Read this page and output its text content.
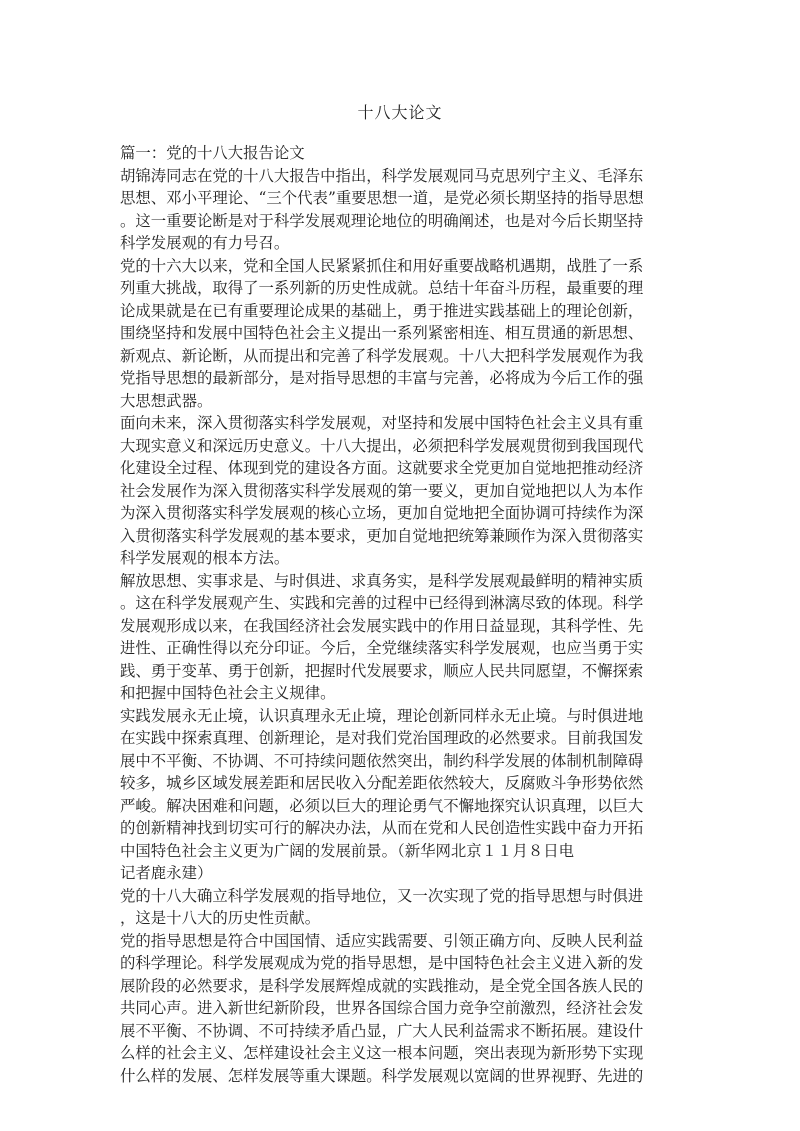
十八大论文
篇一：党的十八大报告论文
胡锦涛同志在党的十八大报告中指出，科学发展观同马克思列宁主义、毛泽东
思想、邓小平理论、“三个代表”重要思想一道，是党必须长期坚持的指导思想
。这一重要论断是对于科学发展观理论地位的明确阐述，也是对今后长期坚持
科学发展观的有力号召。
党的十六大以来，党和全国人民紧紧抓住和用好重要战略机遇期，战胜了一系
列重大挑战，取得了一系列新的历史性成就。总结十年奋斗历程，最重要的理
论成果就是在已有重要理论成果的基础上，勇于推进实践基础上的理论创新，
围绕坚持和发展中国特色社会主义提出一系列紧密相连、相互贯通的新思想、
新观点、新论断，从而提出和完善了科学发展观。十八大把科学发展观作为我
党指导思想的最新部分，是对指导思想的丰富与完善，必将成为今后工作的强
大思想武器。
面向未来，深入贯彻落实科学发展观，对坚持和发展中国特色社会主义具有重
大现实意义和深远历史意义。十八大提出，必须把科学发展观贯彻到我国现代
化建设全过程、体现到党的建设各方面。这就要求全党更加自觉地把推动经济
社会发展作为深入贯彻落实科学发展观的第一要义，更加自觉地把以人为本作
为深入贯彻落实科学发展观的核心立场，更加自觉地把全面协调可持续作为深
入贯彻落实科学发展观的基本要求，更加自觉地把统筹兼顾作为深入贯彻落实
科学发展观的根本方法。
解放思想、实事求是、与时俱进、求真务实，是科学发展观最鲜明的精神实质
。这在科学发展观产生、实践和完善的过程中已经得到淋漓尽致的体现。科学
发展观形成以来，在我国经济社会发展实践中的作用日益显现，其科学性、先
进性、正确性得以充分印证。今后，全党继续落实科学发展观，也应当勇于实
践、勇于变革、勇于创新，把握时代发展要求，顺应人民共同愿望，不懈探索
和把握中国特色社会主义规律。
实践发展永无止境，认识真理永无止境，理论创新同样永无止境。与时俱进地
在实践中探索真理、创新理论，是对我们党治国理政的必然要求。目前我国发
展中不平衡、不协调、不可持续问题依然突出，制约科学发展的体制机制障碍
较多，城乡区域发展差距和居民收入分配差距依然较大，反腐败斗争形势依然
严峻。解决困难和问题，必须以巨大的理论勇气不懈地探究认识真理，以巨大
的创新精神找到切实可行的解决办法，从而在党和人民创造性实践中奋力开拓
中国特色社会主义更为广阔的发展前景。（新华网北京１１月８日电
记者鹿永建）
党的十八大确立科学发展观的指导地位，又一次实现了党的指导思想与时俱进
，这是十八大的历史性贡献。
党的指导思想是符合中国国情、适应实践需要、引领正确方向、反映人民利益
的科学理论。科学发展观成为党的指导思想，是中国特色社会主义进入新的发
展阶段的必然要求，是科学发展辉煌成就的实践推动，是全党全国各族人民的
共同心声。进入新世纪新阶段，世界各国综合国力竞争空前激烈，经济社会发
展不平衡、不协调、不可持续矛盾凸显，广大人民利益需求不断拓展。建设什
么样的社会主义、怎样建设社会主义这一根本问题，突出表现为新形势下实现
什么样的发展、怎样发展等重大课题。科学发展观以宽阔的世界视野、先进的
